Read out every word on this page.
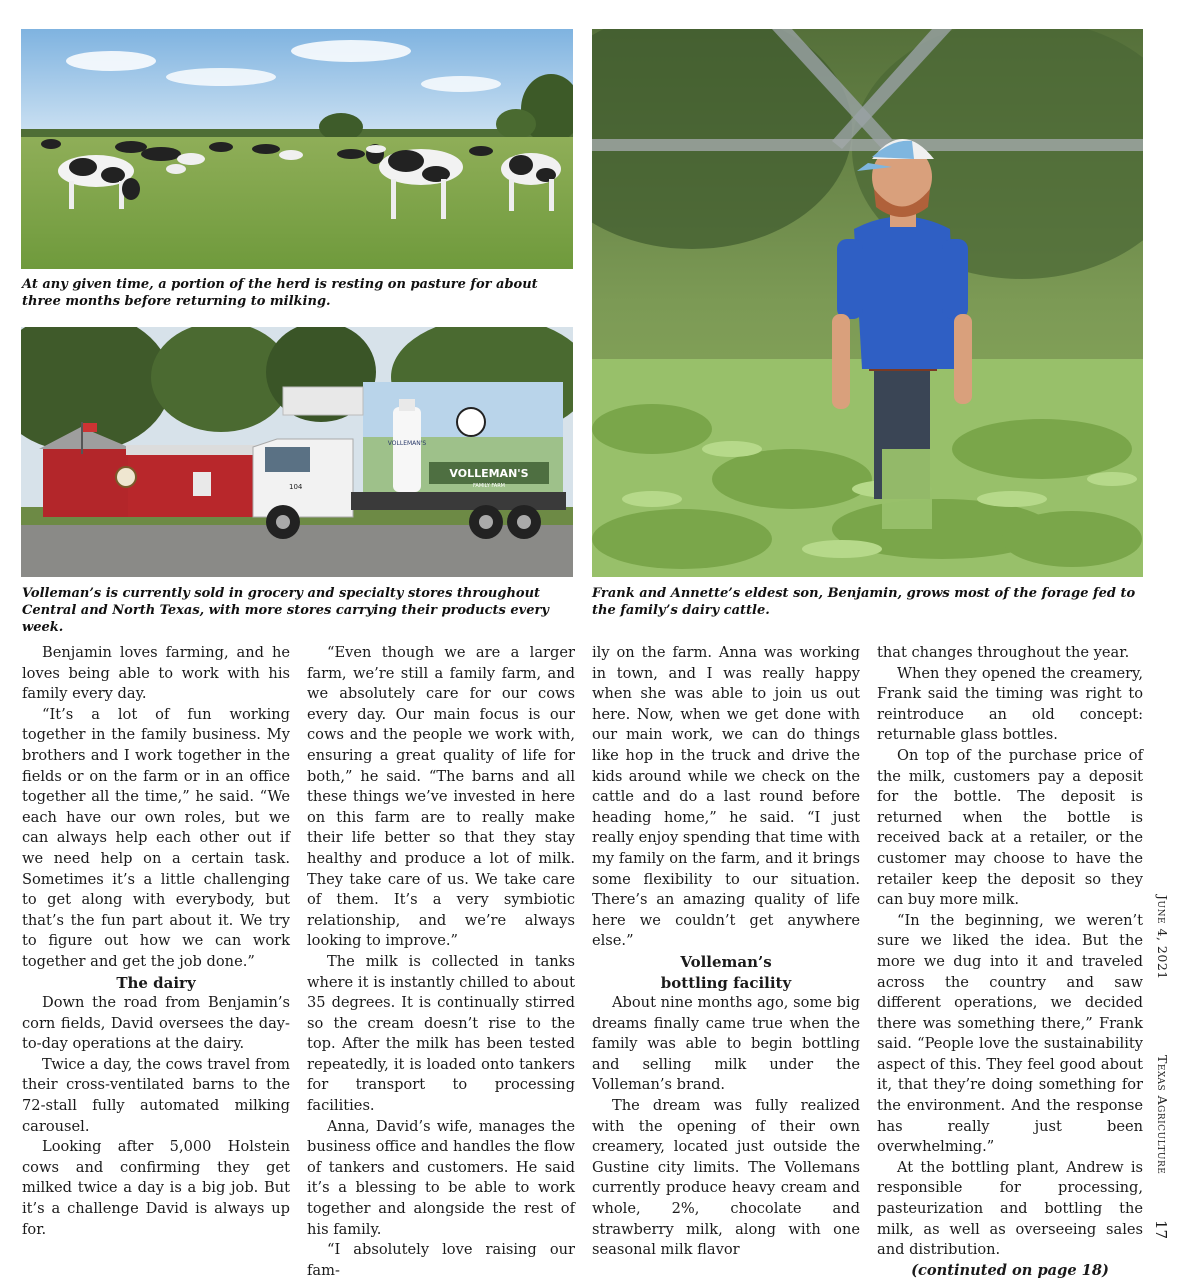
At any given time, a portion of the herd is resting on pasture for about three months before returning to milking.
VOLLEMAN'S
VOLLEMAN'S
FAMILY FARM
104
Volleman’s is currently sold in grocery and specialty stores throughout Central and North Texas, with more stores carrying their products every week.
Frank and Annette’s eldest son, Benjamin, grows most of the forage fed to the family’s dairy cattle.

Benjamin loves farming, and he loves being able to work with his family every day.

“It’s a lot of fun working together in the family business. My brothers and I work together in the fields or on the farm or in an office together all the time,” he said. “We each have our own roles, but we can always help each other out if we need help on a certain task. Sometimes it’s a little challenging to get along with everybody, but that’s the fun part about it. We try to figure out how we can work together and get the job done.”

The dairy

Down the road from Benjamin’s corn fields, David oversees the day-to-day operations at the dairy.

Twice a day, the cows travel from their cross-ventilated barns to the 72-stall fully automated milking carousel.

Looking after 5,000 Holstein cows and confirming they get milked twice a day is a big job. But it’s a challenge David is always up for.

“Even though we are a larger farm, we’re still a family farm, and we absolutely care for our cows every day. Our main focus is our cows and the people we work with, ensuring a great quality of life for both,” he said. “The barns and all these things we’ve invested in here on this farm are to really make their life better so that they stay healthy and produce a lot of milk. They take care of us. We take care of them. It’s a very symbiotic relationship, and we’re always looking to improve.”

The milk is collected in tanks where it is instantly chilled to about 35 degrees. It is continually stirred so the cream doesn’t rise to the top. After the milk has been tested repeatedly, it is loaded onto tankers for transport to processing facilities.

Anna, David’s wife, manages the business office and handles the flow of tankers and customers. He said it’s a blessing to be able to work together and alongside the rest of his family.

“I absolutely love raising our fam-

ily on the farm. Anna was working in town, and I was really happy when she was able to join us out here. Now, when we get done with our main work, we can do things like hop in the truck and drive the kids around while we check on the cattle and do a last round before heading home,” he said. “I just really enjoy spending that time with my family on the farm, and it brings some flexibility to our situation. There’s an amazing quality of life here we couldn’t get anywhere else.”

Volleman’s
bottling facility

About nine months ago, some big dreams finally came true when the family was able to begin bottling and selling milk under the Volleman’s brand.

The dream was fully realized with the opening of their own creamery, located just outside the Gustine city limits. The Vollemans currently produce heavy cream and whole, 2%, chocolate and strawberry milk, along with one seasonal milk flavor

that changes throughout the year.

When they opened the creamery, Frank said the timing was right to reintroduce an old concept: returnable glass bottles.

On top of the purchase price of the milk, customers pay a deposit for the bottle. The deposit is returned when the bottle is received back at a retailer, or the customer may choose to have the retailer keep the deposit so they can buy more milk.

“In the beginning, we weren’t sure we liked the idea. But the more we dug into it and traveled across the country and saw different operations, we decided there was something there,” Frank said. “People love the sustainability aspect of this. They feel good about it, that they’re doing something for the environment. And the response has really just been overwhelming.”

At the bottling plant, Andrew is responsible for processing, pasteurization and bottling the milk, as well as overseeing sales and distribution.

(continuted on page 18)

June 4, 2021
Texas Agriculture
17
